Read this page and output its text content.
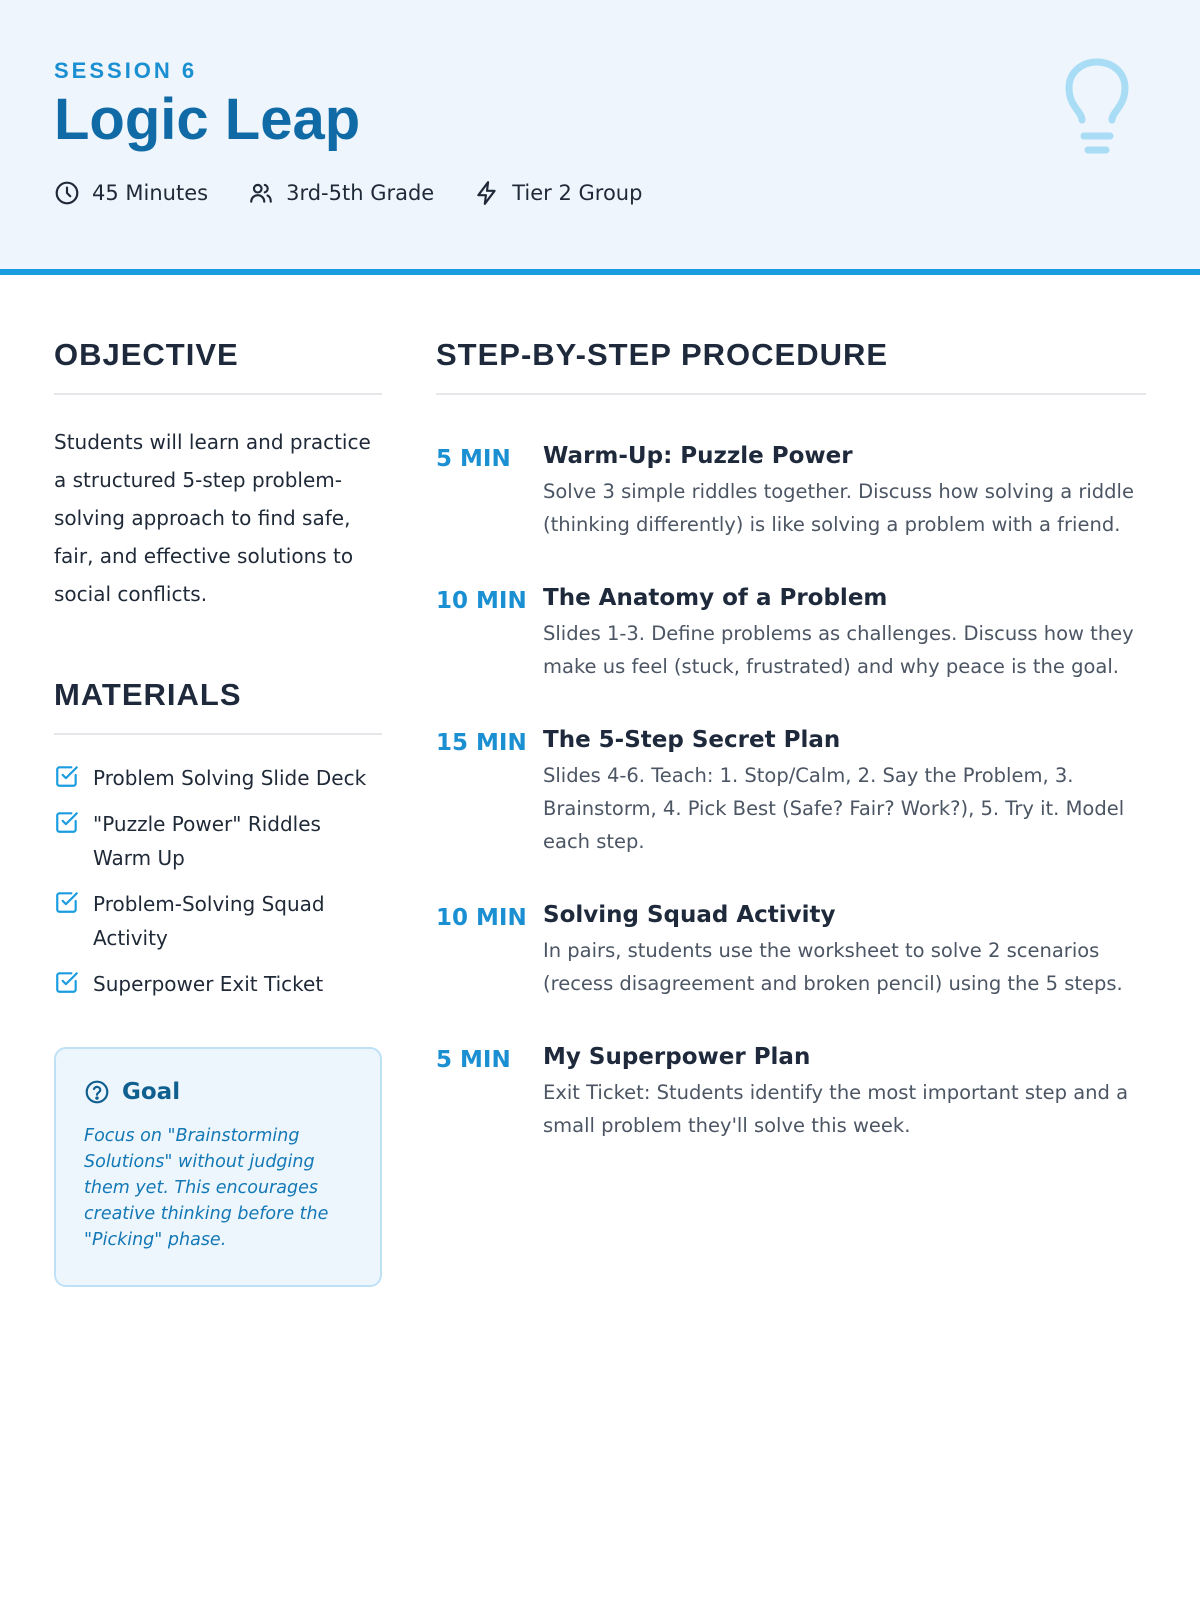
SESSION 6
Logic Leap
45 Minutes	3rd-5th Grade	Tier 2 Group
OBJECTIVE

Students will learn and practice a structured 5-step problem-solving approach to find safe, fair, and effective solutions to social conflicts.

MATERIALS
Problem Solving Slide Deck
"Puzzle Power" Riddles Warm Up
Problem-Solving Squad Activity
Superpower Exit Ticket
Goal

Focus on "Brainstorming Solutions" without judging them yet. This encourages creative thinking before the "Picking" phase.

STEP-BY-STEP PROCEDURE
5 MIN	Warm-Up: Puzzle Power
Solve 3 simple riddles together. Discuss how solving a riddle (thinking differently) is like solving a problem with a friend.
10 MIN The Anatomy of a Problem
Slides 1-3. Define problems as challenges. Discuss how they make us feel (stuck, frustrated) and why peace is the goal.
15 MIN The 5-Step Secret Plan
Slides 4-6. Teach: 1. Stop/Calm, 2. Say the Problem, 3. Brainstorm, 4. Pick Best (Safe? Fair? Work?), 5. Try it. Model each step.
10 MIN Solving Squad Activity
In pairs, students use the worksheet to solve 2 scenarios (recess disagreement and broken pencil) using the 5 steps.
5 MIN	My Superpower Plan
Exit Ticket: Students identify the most important step and a small problem they'll solve this week.
